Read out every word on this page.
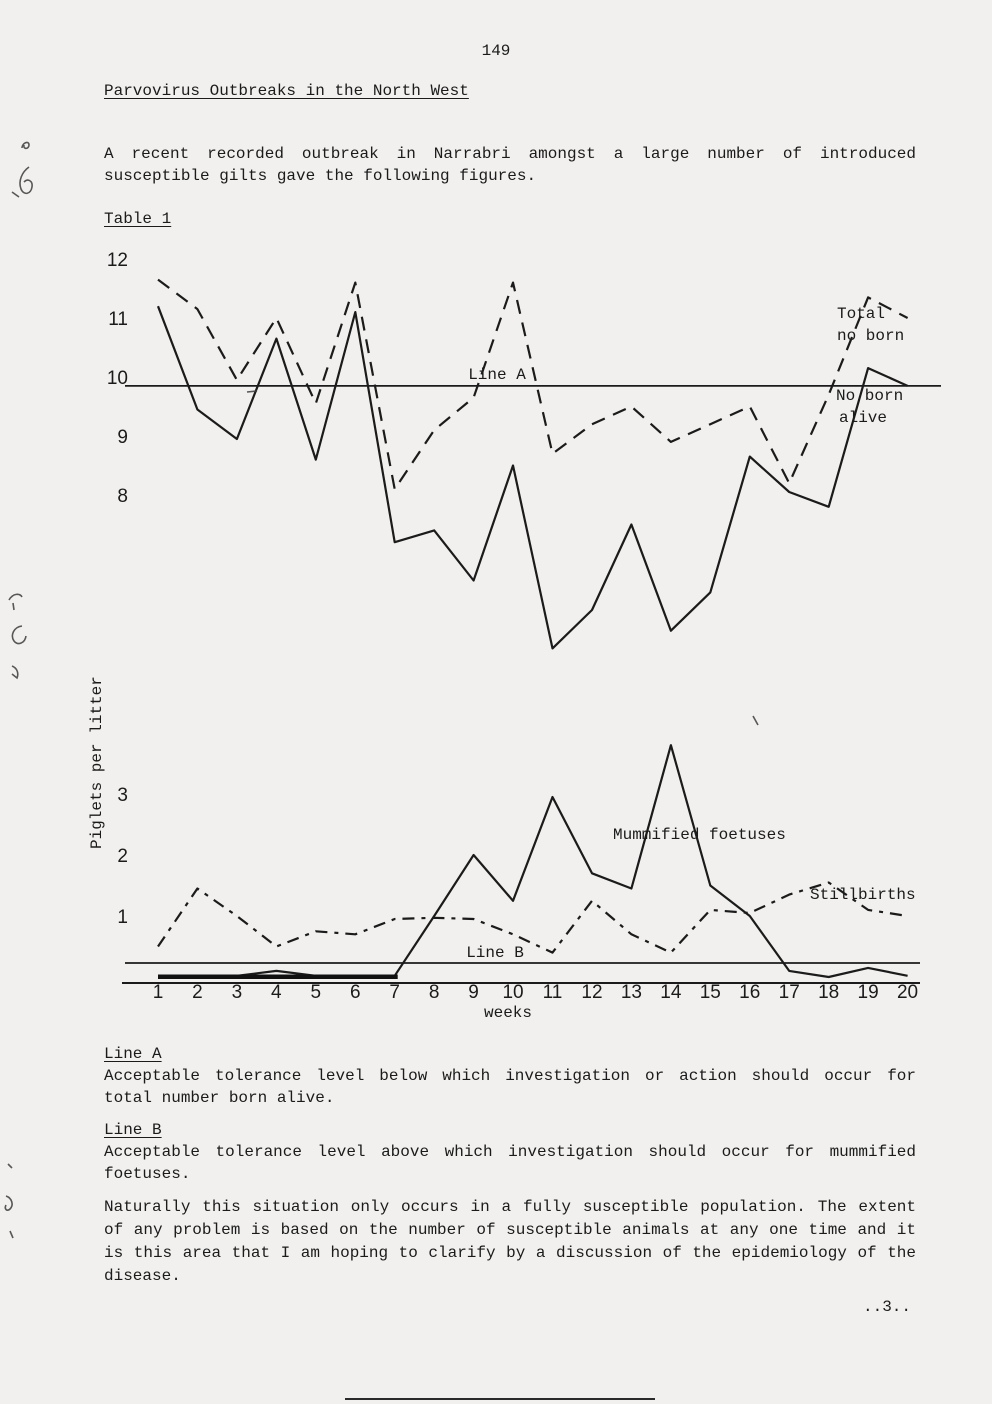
1 2 3 4 5 6 7 8 9 10 11 12 13 14 15 16 17 18 19 20
12
11
10
9
8
3
2
1
Line A
Line B
Total no born
No born alive
Mummified foetuses
Stillbirths
weeks
Piglets per litter
149
Parvovirus Outbreaks in the North West
A recent recorded outbreak in Narrabri amongst a large number of introduced
susceptible gilts gave the following figures.
Table 1
Line A
Acceptable tolerance level below which investigation or action should occur for
total number born alive.
Line B
Acceptable tolerance level above which investigation should occur for mummified
foetuses.
Naturally this situation only occurs in a fully susceptible population. The extent
of any problem is based on the number of susceptible animals at any one time and it
is this area that I am hoping to clarify by a discussion of the epidemiology of the
disease.
..3..
